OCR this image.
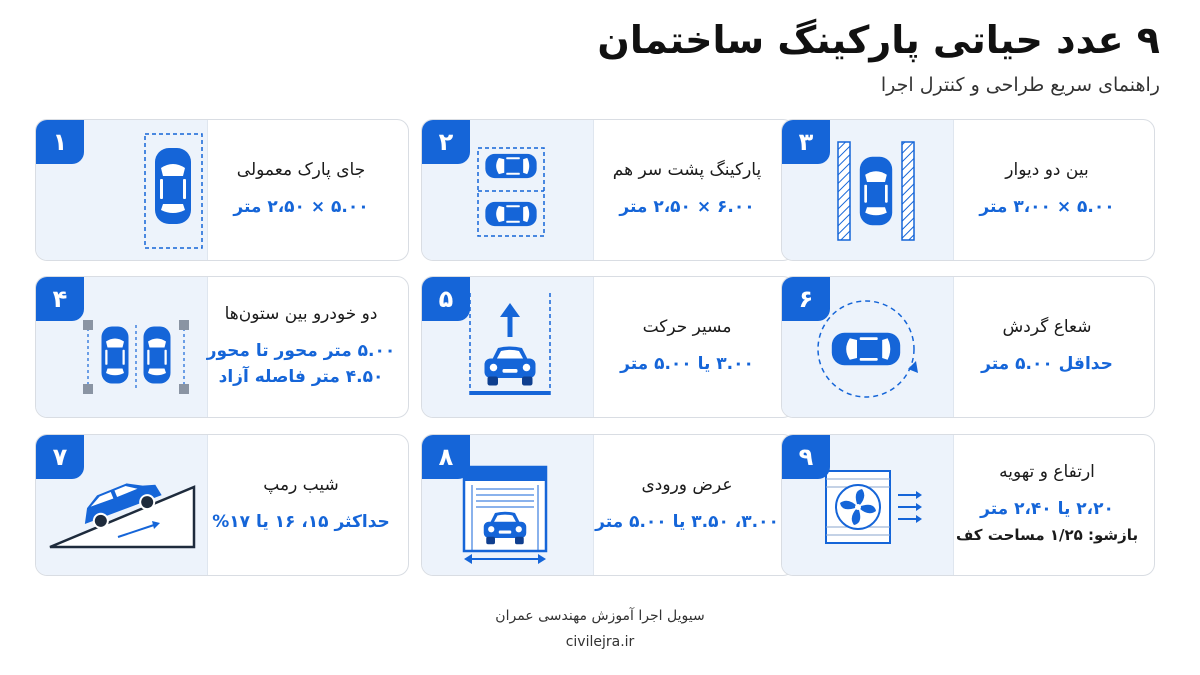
۹ عدد حیاتی پارکینگ ساختمان
راهنمای سریع طراحی و کنترل اجرا
۱
جای پارک معمولی
۵.۰۰ × ۲،۵۰ متر
۲
پارکینگ پشت سر هم
۶.۰۰ × ۲،۵۰ متر
۳
بین دو دیوار
۵.۰۰ × ۳،۰۰ متر
۴
دو خودرو بین ستون‌ها
۵.۰۰ متر محور تا محور
۴.۵۰ متر فاصله آزاد
۵
مسیر حرکت
۳.۰۰ یا ۵.۰۰ متر
۶
شعاع گردش
حداقل ۵.۰۰ متر
۷
شیب رمپ
حداکثر ۱۵، ۱۶ یا ۱۷%
۸
عرض ورودی
۳.۰۰، ۳.۵۰ یا ۵.۰۰ متر
۹
ارتفاع و تهویه
۲،۲۰ یا ۲،۴۰ متر
بازشو: ۱/۲۵ مساحت کف
سیویل اجرا آموزش مهندسی عمران
civilejra.ir
